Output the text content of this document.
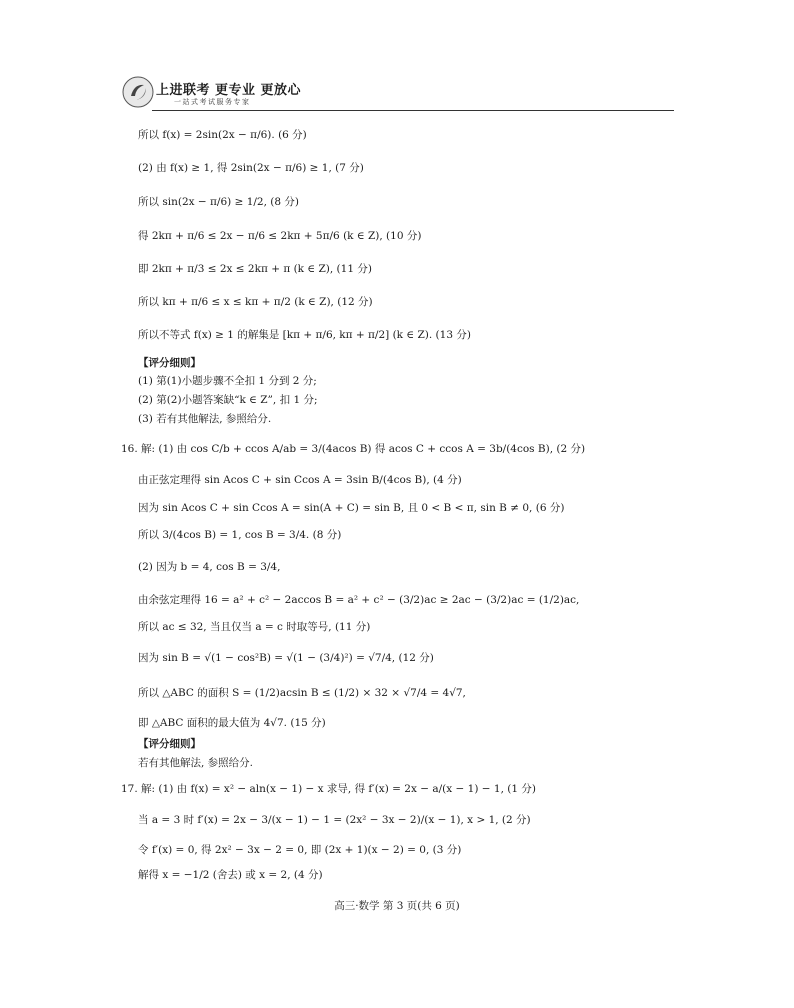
上进联考 更专业 更放心
一站式考试服务专家
所以 f(x) = 2sin(2x − π/6). (6 分)
(2) 由 f(x) ≥ 1, 得 2sin(2x − π/6) ≥ 1, (7 分)
所以 sin(2x − π/6) ≥ 1/2, (8 分)
得 2kπ + π/6 ≤ 2x − π/6 ≤ 2kπ + 5π/6 (k ∈ Z), (10 分)
即 2kπ + π/3 ≤ 2x ≤ 2kπ + π (k ∈ Z), (11 分)
所以 kπ + π/6 ≤ x ≤ kπ + π/2 (k ∈ Z), (12 分)
所以不等式 f(x) ≥ 1 的解集是 [kπ + π/6, kπ + π/2] (k ∈ Z). (13 分)
【评分细则】
(1) 第(1)小题步骤不全扣 1 分到 2 分;
(2) 第(2)小题答案缺“k ∈ Z”, 扣 1 分;
(3) 若有其他解法, 参照给分.
16. 解: (1) 由 cos C/b + ccos A/ab = 3/(4acos B) 得 acos C + ccos A = 3b/(4cos B), (2 分)
由正弦定理得 sin Acos C + sin Ccos A = 3sin B/(4cos B), (4 分)
因为 sin Acos C + sin Ccos A = sin(A + C) = sin B, 且 0 < B < π, sin B ≠ 0, (6 分)
所以 3/(4cos B) = 1, cos B = 3/4. (8 分)
(2) 因为 b = 4, cos B = 3/4,
由余弦定理得 16 = a² + c² − 2accos B = a² + c² − (3/2)ac ≥ 2ac − (3/2)ac = (1/2)ac,
所以 ac ≤ 32, 当且仅当 a = c 时取等号, (11 分)
因为 sin B = √(1 − cos²B) = √(1 − (3/4)²) = √7/4, (12 分)
所以 △ABC 的面积 S = (1/2)acsin B ≤ (1/2) × 32 × √7/4 = 4√7,
即 △ABC 面积的最大值为 4√7. (15 分)
【评分细则】
若有其他解法, 参照给分.
17. 解: (1) 由 f(x) = x² − aln(x − 1) − x 求导, 得 f′(x) = 2x − a/(x − 1) − 1, (1 分)
当 a = 3 时 f′(x) = 2x − 3/(x − 1) − 1 = (2x² − 3x − 2)/(x − 1), x > 1, (2 分)
令 f′(x) = 0, 得 2x² − 3x − 2 = 0, 即 (2x + 1)(x − 2) = 0, (3 分)
解得 x = −1/2 (舍去) 或 x = 2, (4 分)
高三·数学 第 3 页(共 6 页)
